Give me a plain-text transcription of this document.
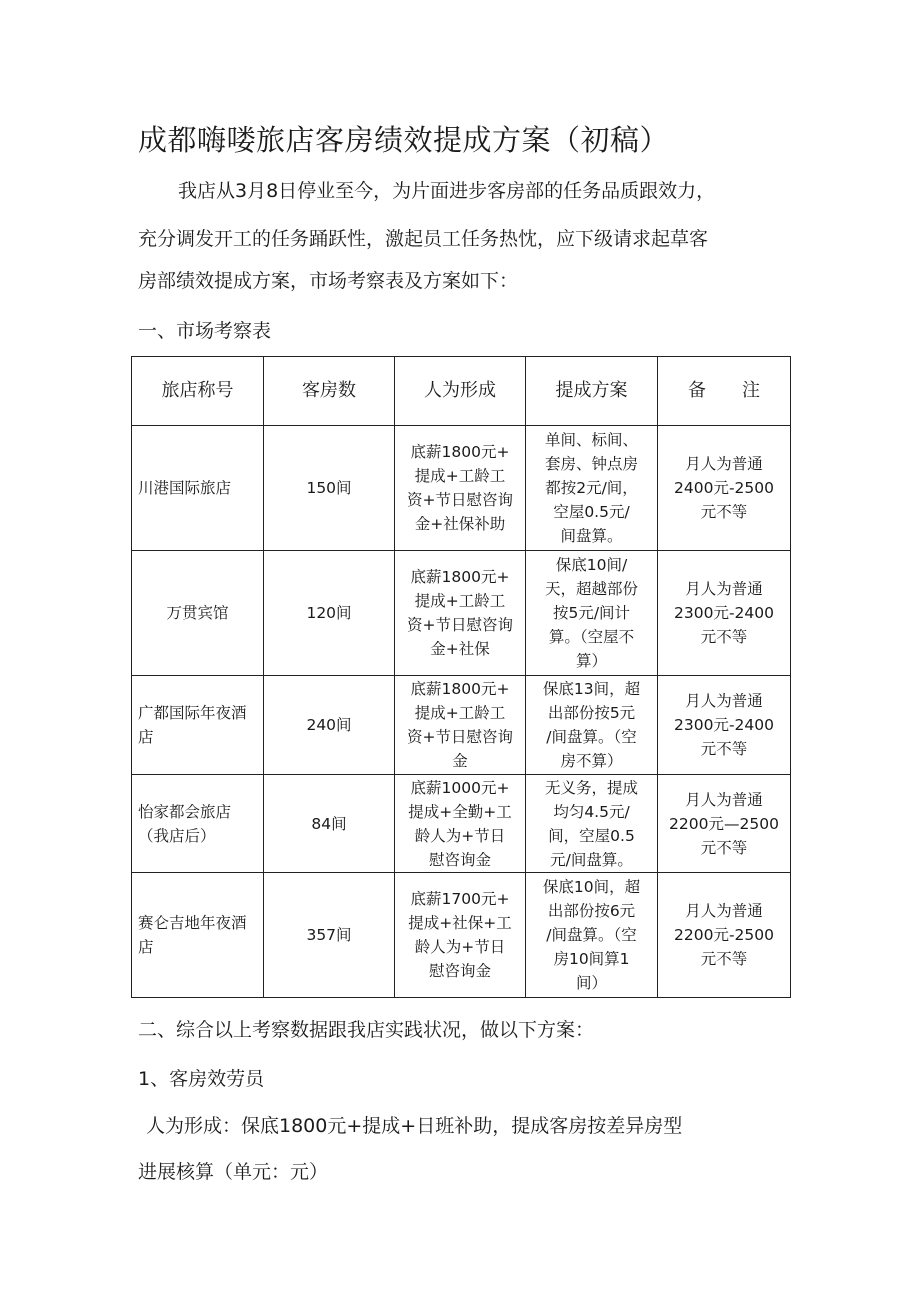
成都嗨喽旅店客房绩效提成方案（初稿）
我店从3月8日停业至今，为片面进步客房部的任务品质跟效力，
充分调发开工的任务踊跃性，激起员工任务热忱，应下级请求起草客
房部绩效提成方案，市场考察表及方案如下：
一、市场考察表
旅店称号	客房数	人为形成	提成方案	备　　注
川港国际旅店	150间	底薪1800元+
提成+工龄工
资+节日慰咨询
金+社保补助	单间、标间、
套房、钟点房
都按2元/间，
空屋0.5元/
间盘算。	月人为普通
2400元-2500
元不等

万贯宾馆	120间	底薪1800元+
提成+工龄工
资+节日慰咨询
金+社保	保底10间/
天，超越部份
按5元/间计
算。（空屋不
算）	月人为普通
2300元-2400
元不等

广都国际年夜酒店	240间	底薪1800元+
提成+工龄工
资+节日慰咨询
金	保底13间，超
出部份按5元
/间盘算。（空
房不算）	月人为普通
2300元-2400
元不等

怡家都会旅店（我店后）	84间	底薪1000元+
提成+全勤+工
龄人为+节日
慰咨询金	无义务，提成
均匀4.5元/
间，空屋0.5
元/间盘算。	月人为普通
2200元—2500
元不等

赛仑吉地年夜酒店	357间	底薪1700元+
提成+社保+工
龄人为+节日
慰咨询金	保底10间，超
出部份按6元
/间盘算。（空
房10间算1
间）	月人为普通
2200元-2500
元不等
二、综合以上考察数据跟我店实践状况，做以下方案：
1、客房效劳员
人为形成：保底1800元+提成+日班补助，提成客房按差异房型
进展核算（单元：元）
